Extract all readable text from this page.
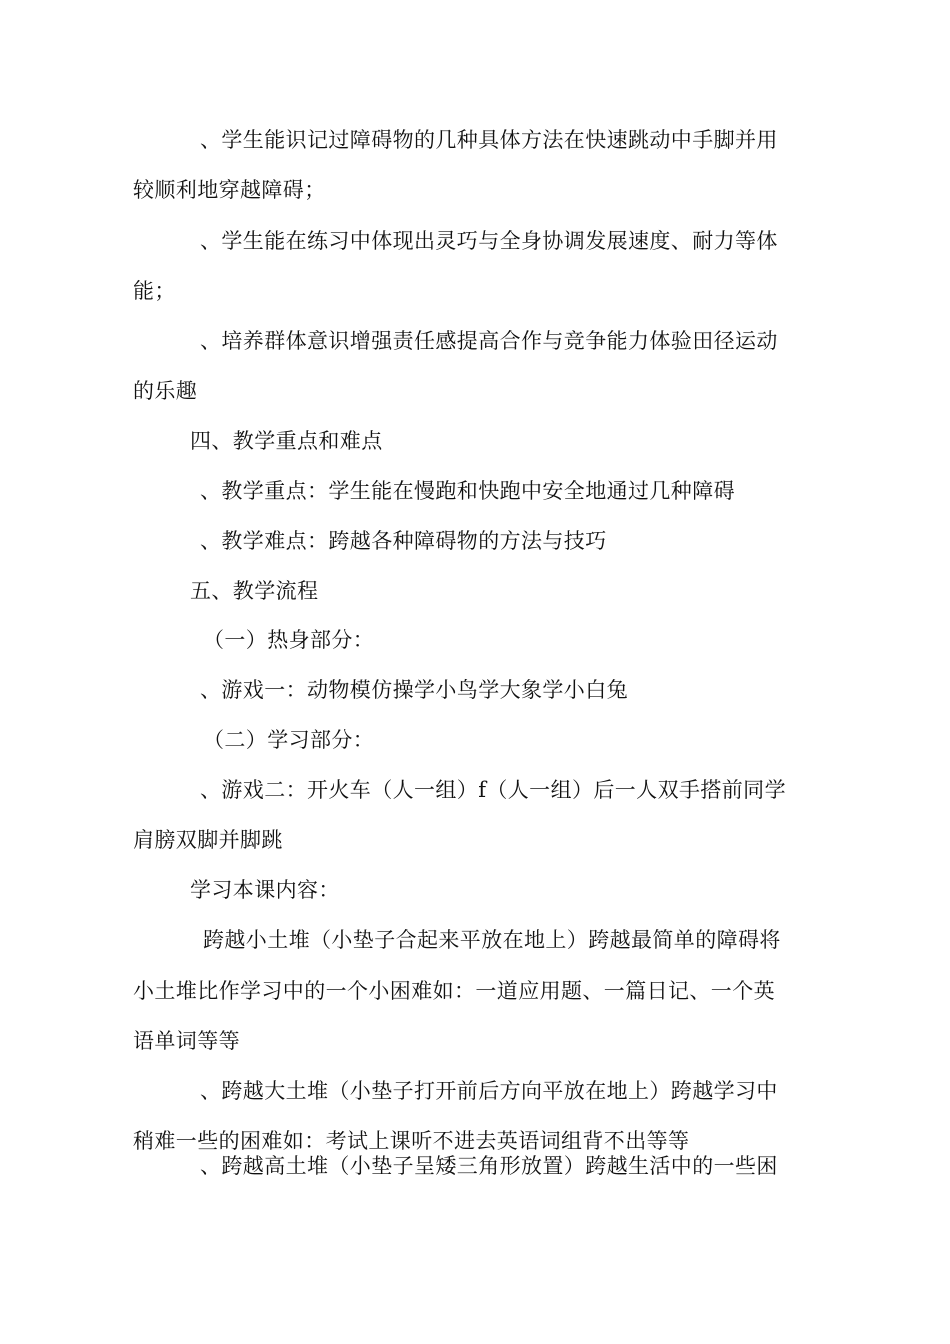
、学生能识记过障碍物的几种具体方法在快速跳动中手脚并用
较顺利地穿越障碍；
、学生能在练习中体现出灵巧与全身协调发展速度、耐力等体
能；
、培养群体意识增强责任感提高合作与竞争能力体验田径运动
的乐趣
四、教学重点和难点
、教学重点：学生能在慢跑和快跑中安全地通过几种障碍
、教学难点：跨越各种障碍物的方法与技巧
五、教学流程
（一）热身部分：
、游戏一：动物模仿操学小鸟学大象学小白兔
（二）学习部分：
、游戏二：开火车（人一组）f（人一组）后一人双手搭前同学
肩膀双脚并脚跳
学习本课内容：
跨越小土堆（小垫子合起来平放在地上）跨越最简单的障碍将
小土堆比作学习中的一个小困难如：一道应用题、一篇日记、一个英
语单词等等
、跨越大土堆（小垫子打开前后方向平放在地上）跨越学习中
稍难一些的困难如：考试上课听不进去英语词组背不出等等
、跨越高土堆（小垫子呈矮三角形放置）跨越生活中的一些困
